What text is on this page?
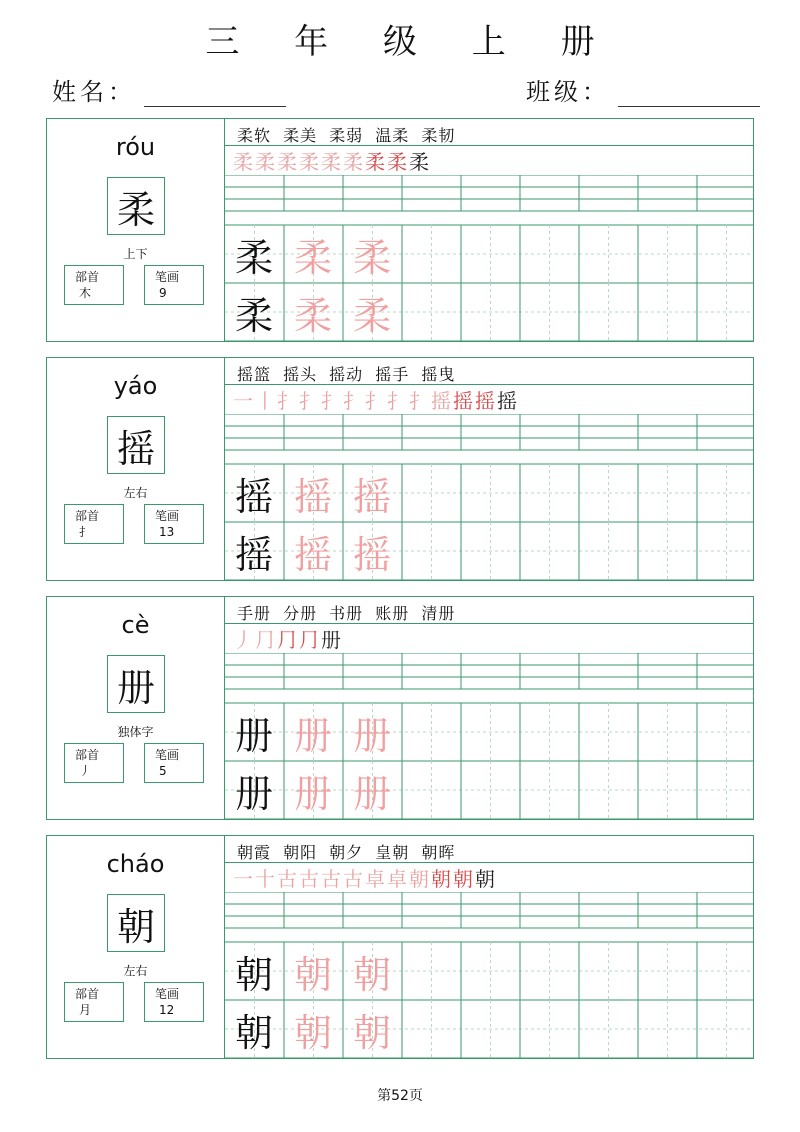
三 年 级 上 册
姓名：	班级：
róu
柔
上下
部首
木
笔画
9
柔软 柔美 柔弱 温柔 柔韧
柔 柔 柔 柔 柔 柔 柔 柔 柔
柔 柔 柔
柔 柔 柔
yáo
摇
左右
部首
扌
笔画
13
摇篮 摇头 摇动 摇手 摇曳
一 丨 扌 扌 扌 扌 扌 扌 扌 摇 摇 摇 摇
摇 摇 摇
摇 摇 摇
cè
册
独体字
部首
丿
笔画
5
手册 分册 书册 账册 清册
丿 ⺆ ⺆ ⺆ 册
册 册 册
册 册 册
cháo
朝
左右
部首
月
笔画
12
朝霞 朝阳 朝夕 皇朝 朝晖
一 十 古 古 古 古 卓 卓 朝 朝 朝 朝
朝 朝 朝
朝 朝 朝
第52页
